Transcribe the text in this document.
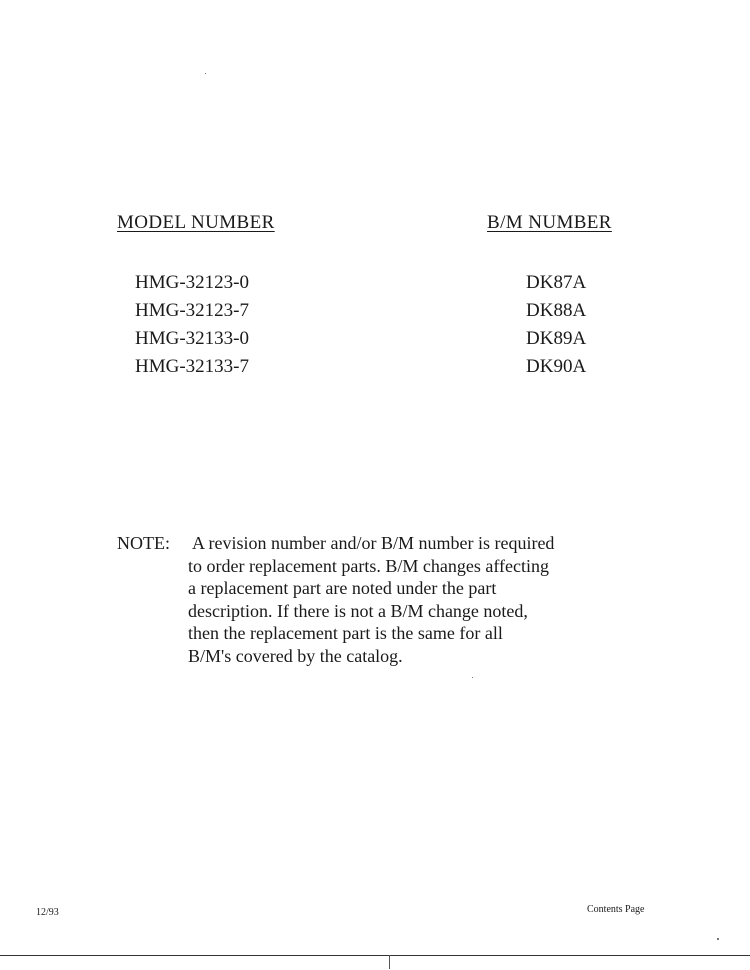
MODEL NUMBER	B/M NUMBER
HMG-32123-0	DK87A
HMG-32123-7	DK88A
HMG-32133-0	DK89A
HMG-32133-7	DK90A
NOTE:	A revision number and/or B/M number is required
to order replacement parts. B/M changes affecting
a replacement part are noted under the part
description. If there is not a B/M change noted,
then the replacement part is the same for all
B/M's covered by the catalog.
12/93	Contents Page
